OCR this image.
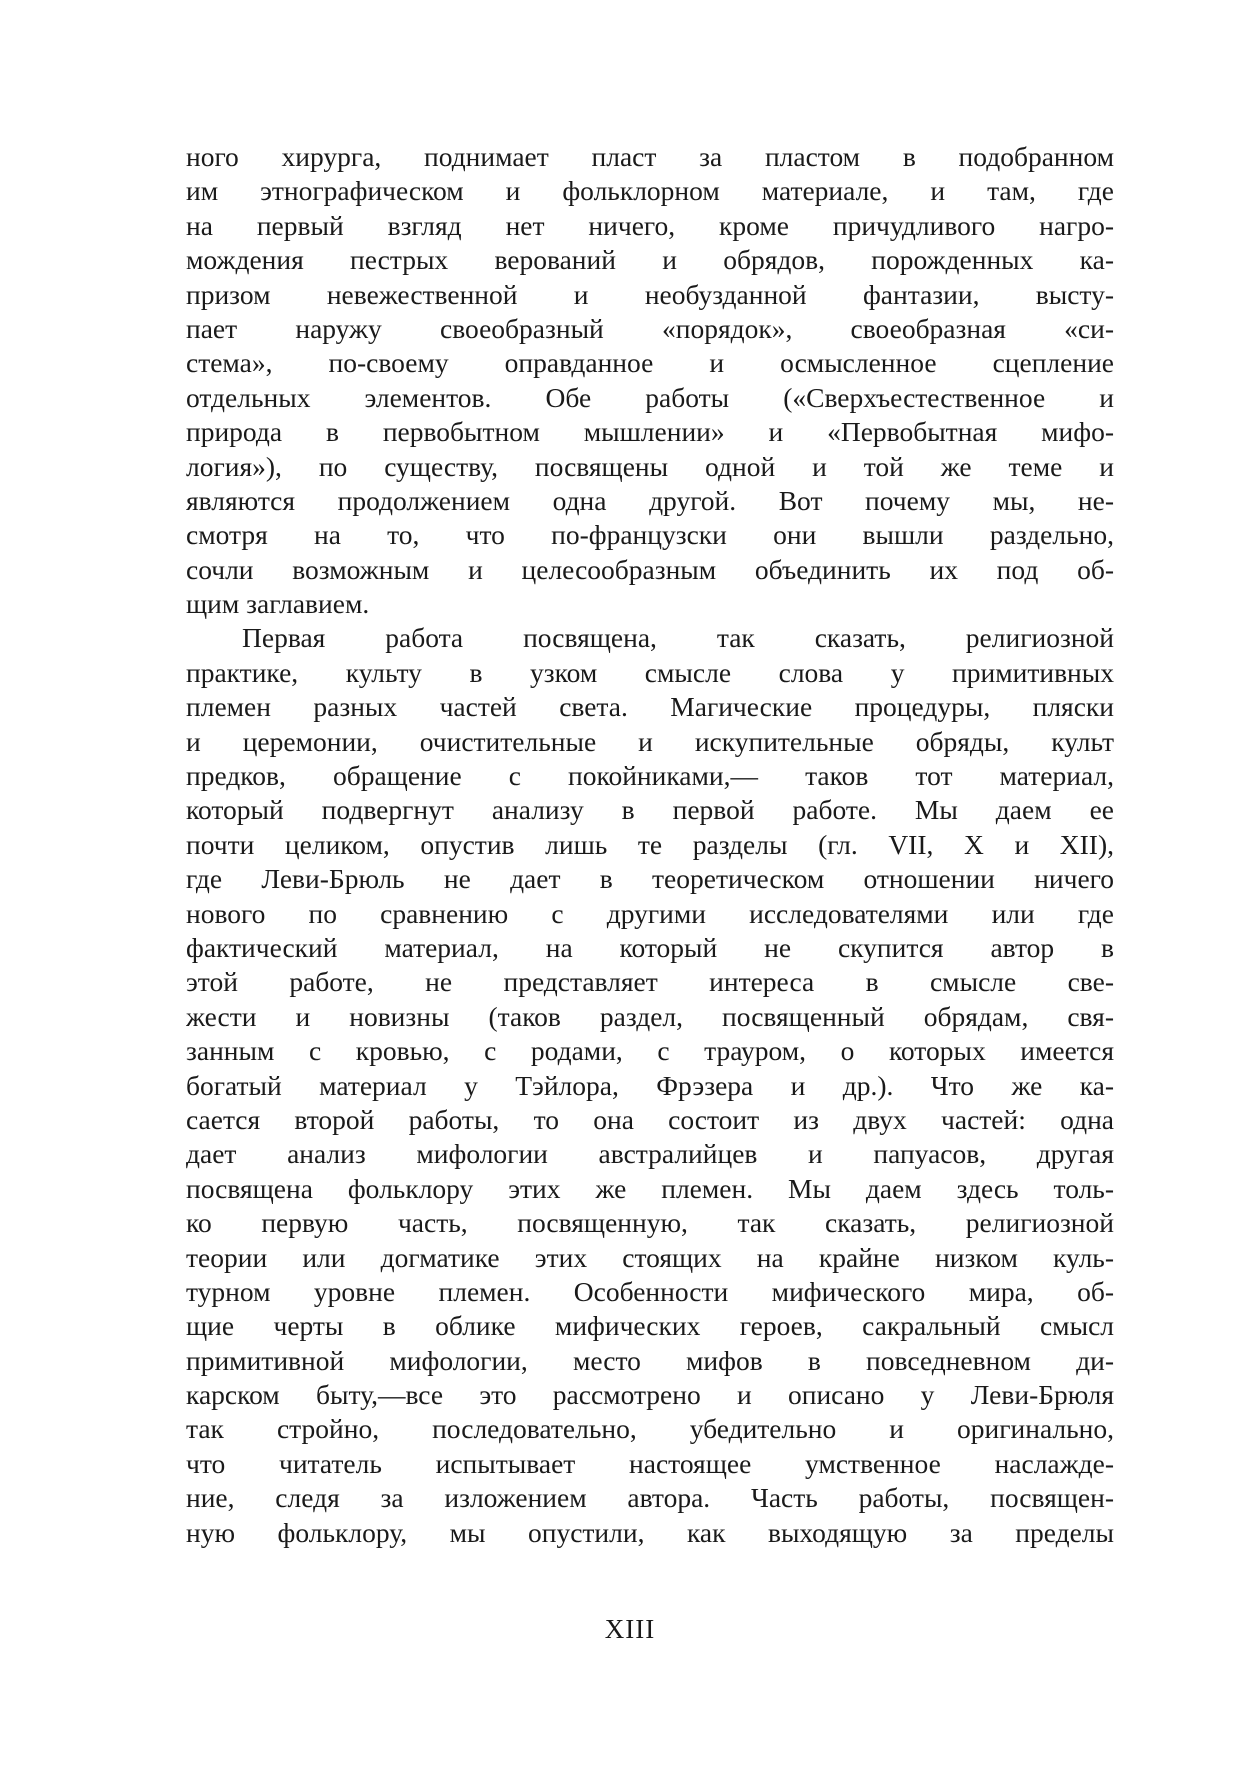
ного хирурга, поднимает пласт за пластом в подобранном
им этнографическом и фольклорном материале, и там, где
на первый взгляд нет ничего, кроме причудливого нагро-
мождения пестрых верований и обрядов, порожденных ка-
призом невежественной и необузданной фантазии, высту-
пает наружу своеобразный «порядок», своеобразная «си-
стема», по-своему оправданное и осмысленное сцепление
отдельных элементов. Обе работы («Сверхъестественное и
природа в первобытном мышлении» и «Первобытная мифо-
логия»), по существу, посвящены одной и той же теме и
являются продолжением одна другой. Вот почему мы, не-
смотря на то, что по-французски они вышли раздельно,
сочли возможным и целесообразным объединить их под об-
щим заглавием.
Первая работа посвящена, так сказать, религиозной
практике, культу в узком смысле слова у примитивных
племен разных частей света. Магические процедуры, пляски
и церемонии, очистительные и искупительные обряды, культ
предков, обращение с покойниками,— таков тот материал,
который подвергнут анализу в первой работе. Мы даем ее
почти целиком, опустив лишь те разделы (гл. VII, X и XII),
где Леви-Брюль не дает в теоретическом отношении ничего
нового по сравнению с другими исследователями или где
фактический материал, на который не скупится автор в
этой работе, не представляет интереса в смысле све-
жести и новизны (таков раздел, посвященный обрядам, свя-
занным с кровью, с родами, с трауром, о которых имеется
богатый материал у Тэйлора, Фрэзера и др.). Что же ка-
сается второй работы, то она состоит из двух частей: одна
дает анализ мифологии австралийцев и папуасов, другая
посвящена фольклору этих же племен. Мы даем здесь толь-
ко первую часть, посвященную, так сказать, религиозной
теории или догматике этих стоящих на крайне низком куль-
турном уровне племен. Особенности мифического мира, об-
щие черты в облике мифических героев, сакральный смысл
примитивной мифологии, место мифов в повседневном ди-
карском быту,—все это рассмотрено и описано у Леви-Брюля
так стройно, последовательно, убедительно и оригинально,
что читатель испытывает настоящее умственное наслажде-
ние, следя за изложением автора. Часть работы, посвящен-
ную фольклору, мы опустили, как выходящую за пределы
XIII
